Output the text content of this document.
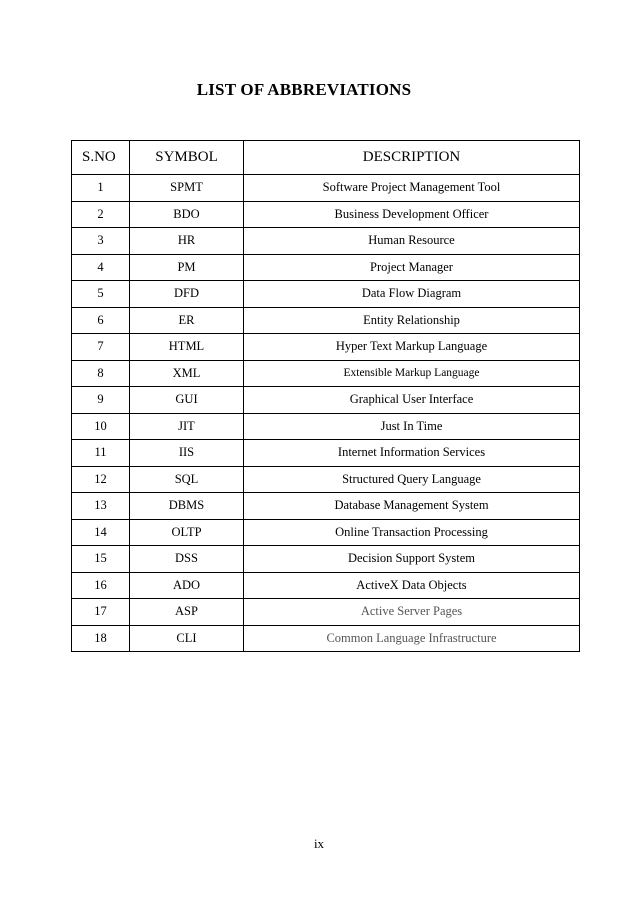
LIST OF ABBREVIATIONS
S.NO	SYMBOL	DESCRIPTION
1	SPMT	Software Project Management Tool
2	BDO	Business Development Officer
3	HR	Human Resource
4	PM	Project Manager
5	DFD	Data Flow Diagram
6	ER	Entity Relationship
7	HTML	Hyper Text Markup Language
8	XML	Extensible Markup Language
9	GUI	Graphical User Interface
10	JIT	Just In Time
11	IIS	Internet Information Services
12	SQL	Structured Query Language
13	DBMS	Database Management System
14	OLTP	Online Transaction Processing
15	DSS	Decision Support System
16	ADO	ActiveX Data Objects
17	ASP	Active Server Pages
18	CLI	Common Language Infrastructure
ix
